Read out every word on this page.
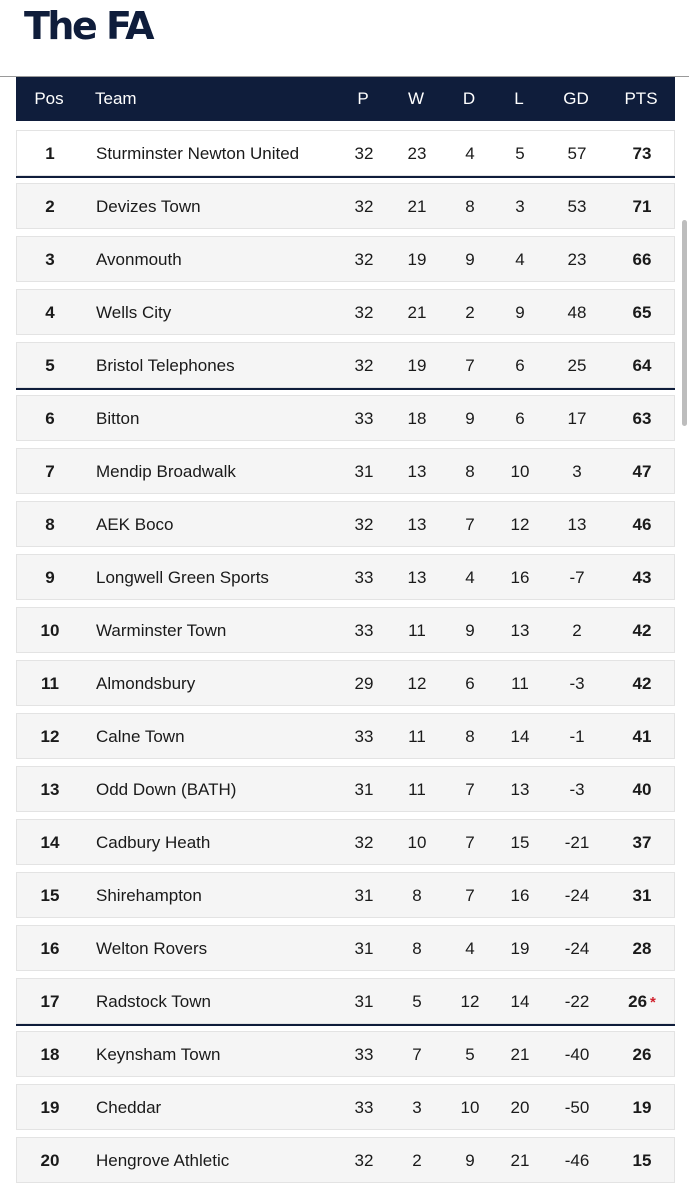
The FA
Pos	Team	P	W	D	L	GD	PTS
1	Sturminster Newton United	32	23	4	5	57	73
2	Devizes Town	32	21	8	3	53	71
3	Avonmouth	32	19	9	4	23	66
4	Wells City	32	21	2	9	48	65
5	Bristol Telephones	32	19	7	6	25	64
6	Bitton	33	18	9	6	17	63
7	Mendip Broadwalk	31	13	8	10	3	47
8	AEK Boco	32	13	7	12	13	46
9	Longwell Green Sports	33	13	4	16	-7	43
10	Warminster Town	33	11	9	13	2	42
11	Almondsbury	29	12	6	11	-3	42
12	Calne Town	33	11	8	14	-1	41
13	Odd Down (BATH)	31	11	7	13	-3	40
14	Cadbury Heath	32	10	7	15	-21	37
15	Shirehampton	31	8	7	16	-24	31
16	Welton Rovers	31	8	4	19	-24	28
17	Radstock Town	31	5	12	14	-22	26 *
18	Keynsham Town	33	7	5	21	-40	26
19	Cheddar	33	3	10	20	-50	19
20	Hengrove Athletic	32	2	9	21	-46	15
